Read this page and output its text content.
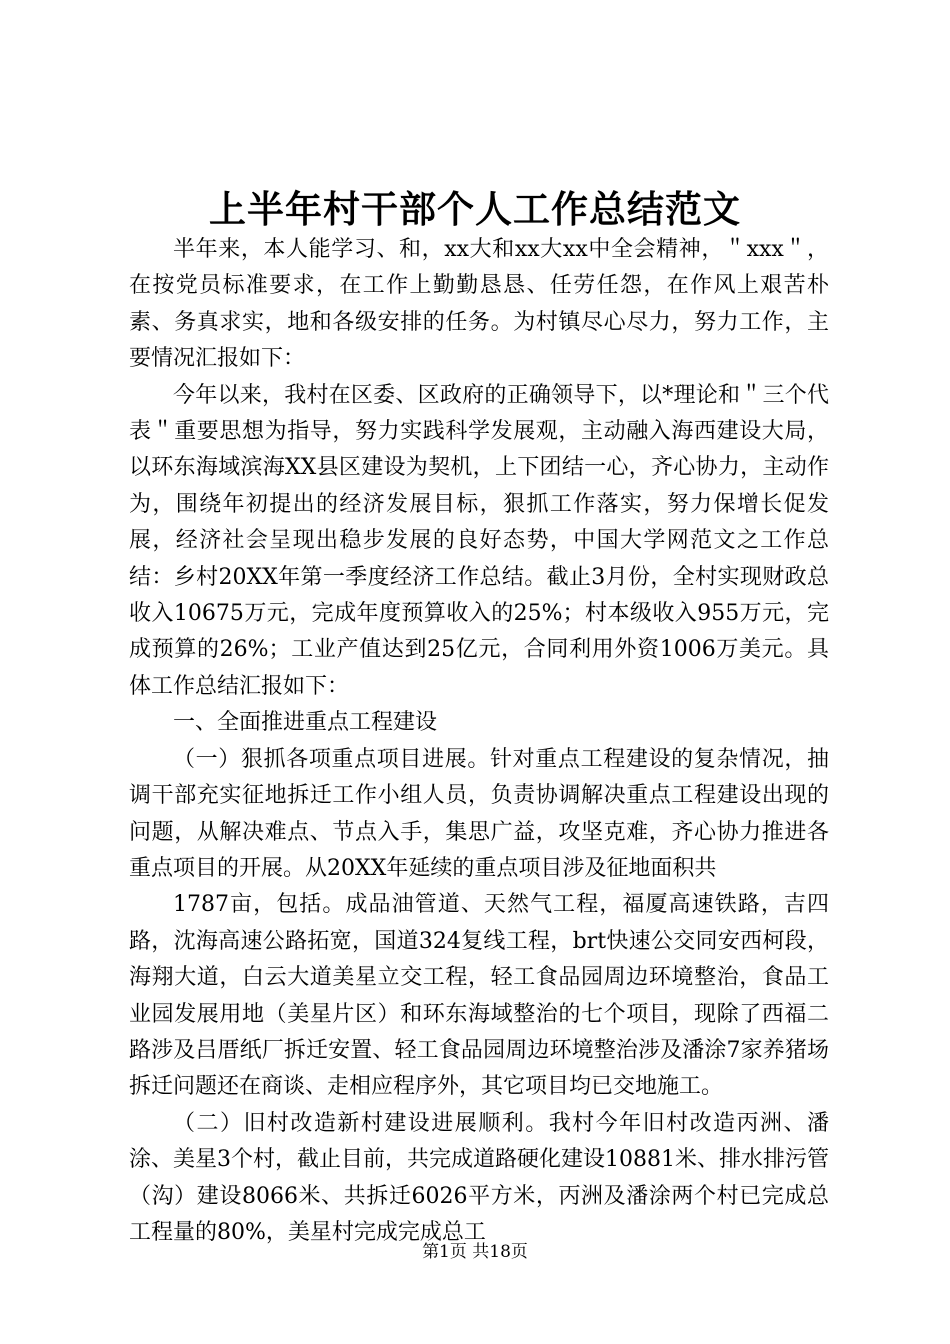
上半年村干部个人工作总结范文

半年来，本人能学习、和，xx大和xx大xx中全会精神，＂xxx＂，在按党员标准要求，在工作上勤勤恳恳、任劳任怨，在作风上艰苦朴素、务真求实，地和各级安排的任务。为村镇尽心尽力，努力工作，主要情况汇报如下：

今年以来，我村在区委、区政府的正确领导下，以*理论和＂三个代表＂重要思想为指导，努力实践科学发展观，主动融入海西建设大局，以环东海域滨海XX县区建设为契机，上下团结一心，齐心协力，主动作为，围绕年初提出的经济发展目标，狠抓工作落实，努力保增长促发展，经济社会呈现出稳步发展的良好态势，中国大学网范文之工作总结：乡村20XX年第一季度经济工作总结。截止3月份，全村实现财政总收入10675万元，完成年度预算收入的25%；村本级收入955万元，完成预算的26%；工业产值达到25亿元，合同利用外资1006万美元。具体工作总结汇报如下：

一、全面推进重点工程建设

（一）狠抓各项重点项目进展。针对重点工程建设的复杂情况，抽调干部充实征地拆迁工作小组人员，负责协调解决重点工程建设出现的问题，从解决难点、节点入手，集思广益，攻坚克难，齐心协力推进各重点项目的开展。从20XX年延续的重点项目涉及征地面积共

1787亩，包括。成品油管道、天然气工程，福厦高速铁路，吉四路，沈海高速公路拓宽，国道324复线工程，brt快速公交同安西柯段，海翔大道，白云大道美星立交工程，轻工食品园周边环境整治，食品工业园发展用地（美星片区）和环东海域整治的七个项目，现除了西福二路涉及吕厝纸厂拆迁安置、轻工食品园周边环境整治涉及潘涂7家养猪场拆迁问题还在商谈、走相应程序外，其它项目均已交地施工。

（二）旧村改造新村建设进展顺利。我村今年旧村改造丙洲、潘涂、美星3个村，截止目前，共完成道路硬化建设10881米、排水排污管（沟）建设8066米、共拆迁6026平方米，丙洲及潘涂两个村已完成总工程量的80%，美星村完成完成总工

第1页 共18页
